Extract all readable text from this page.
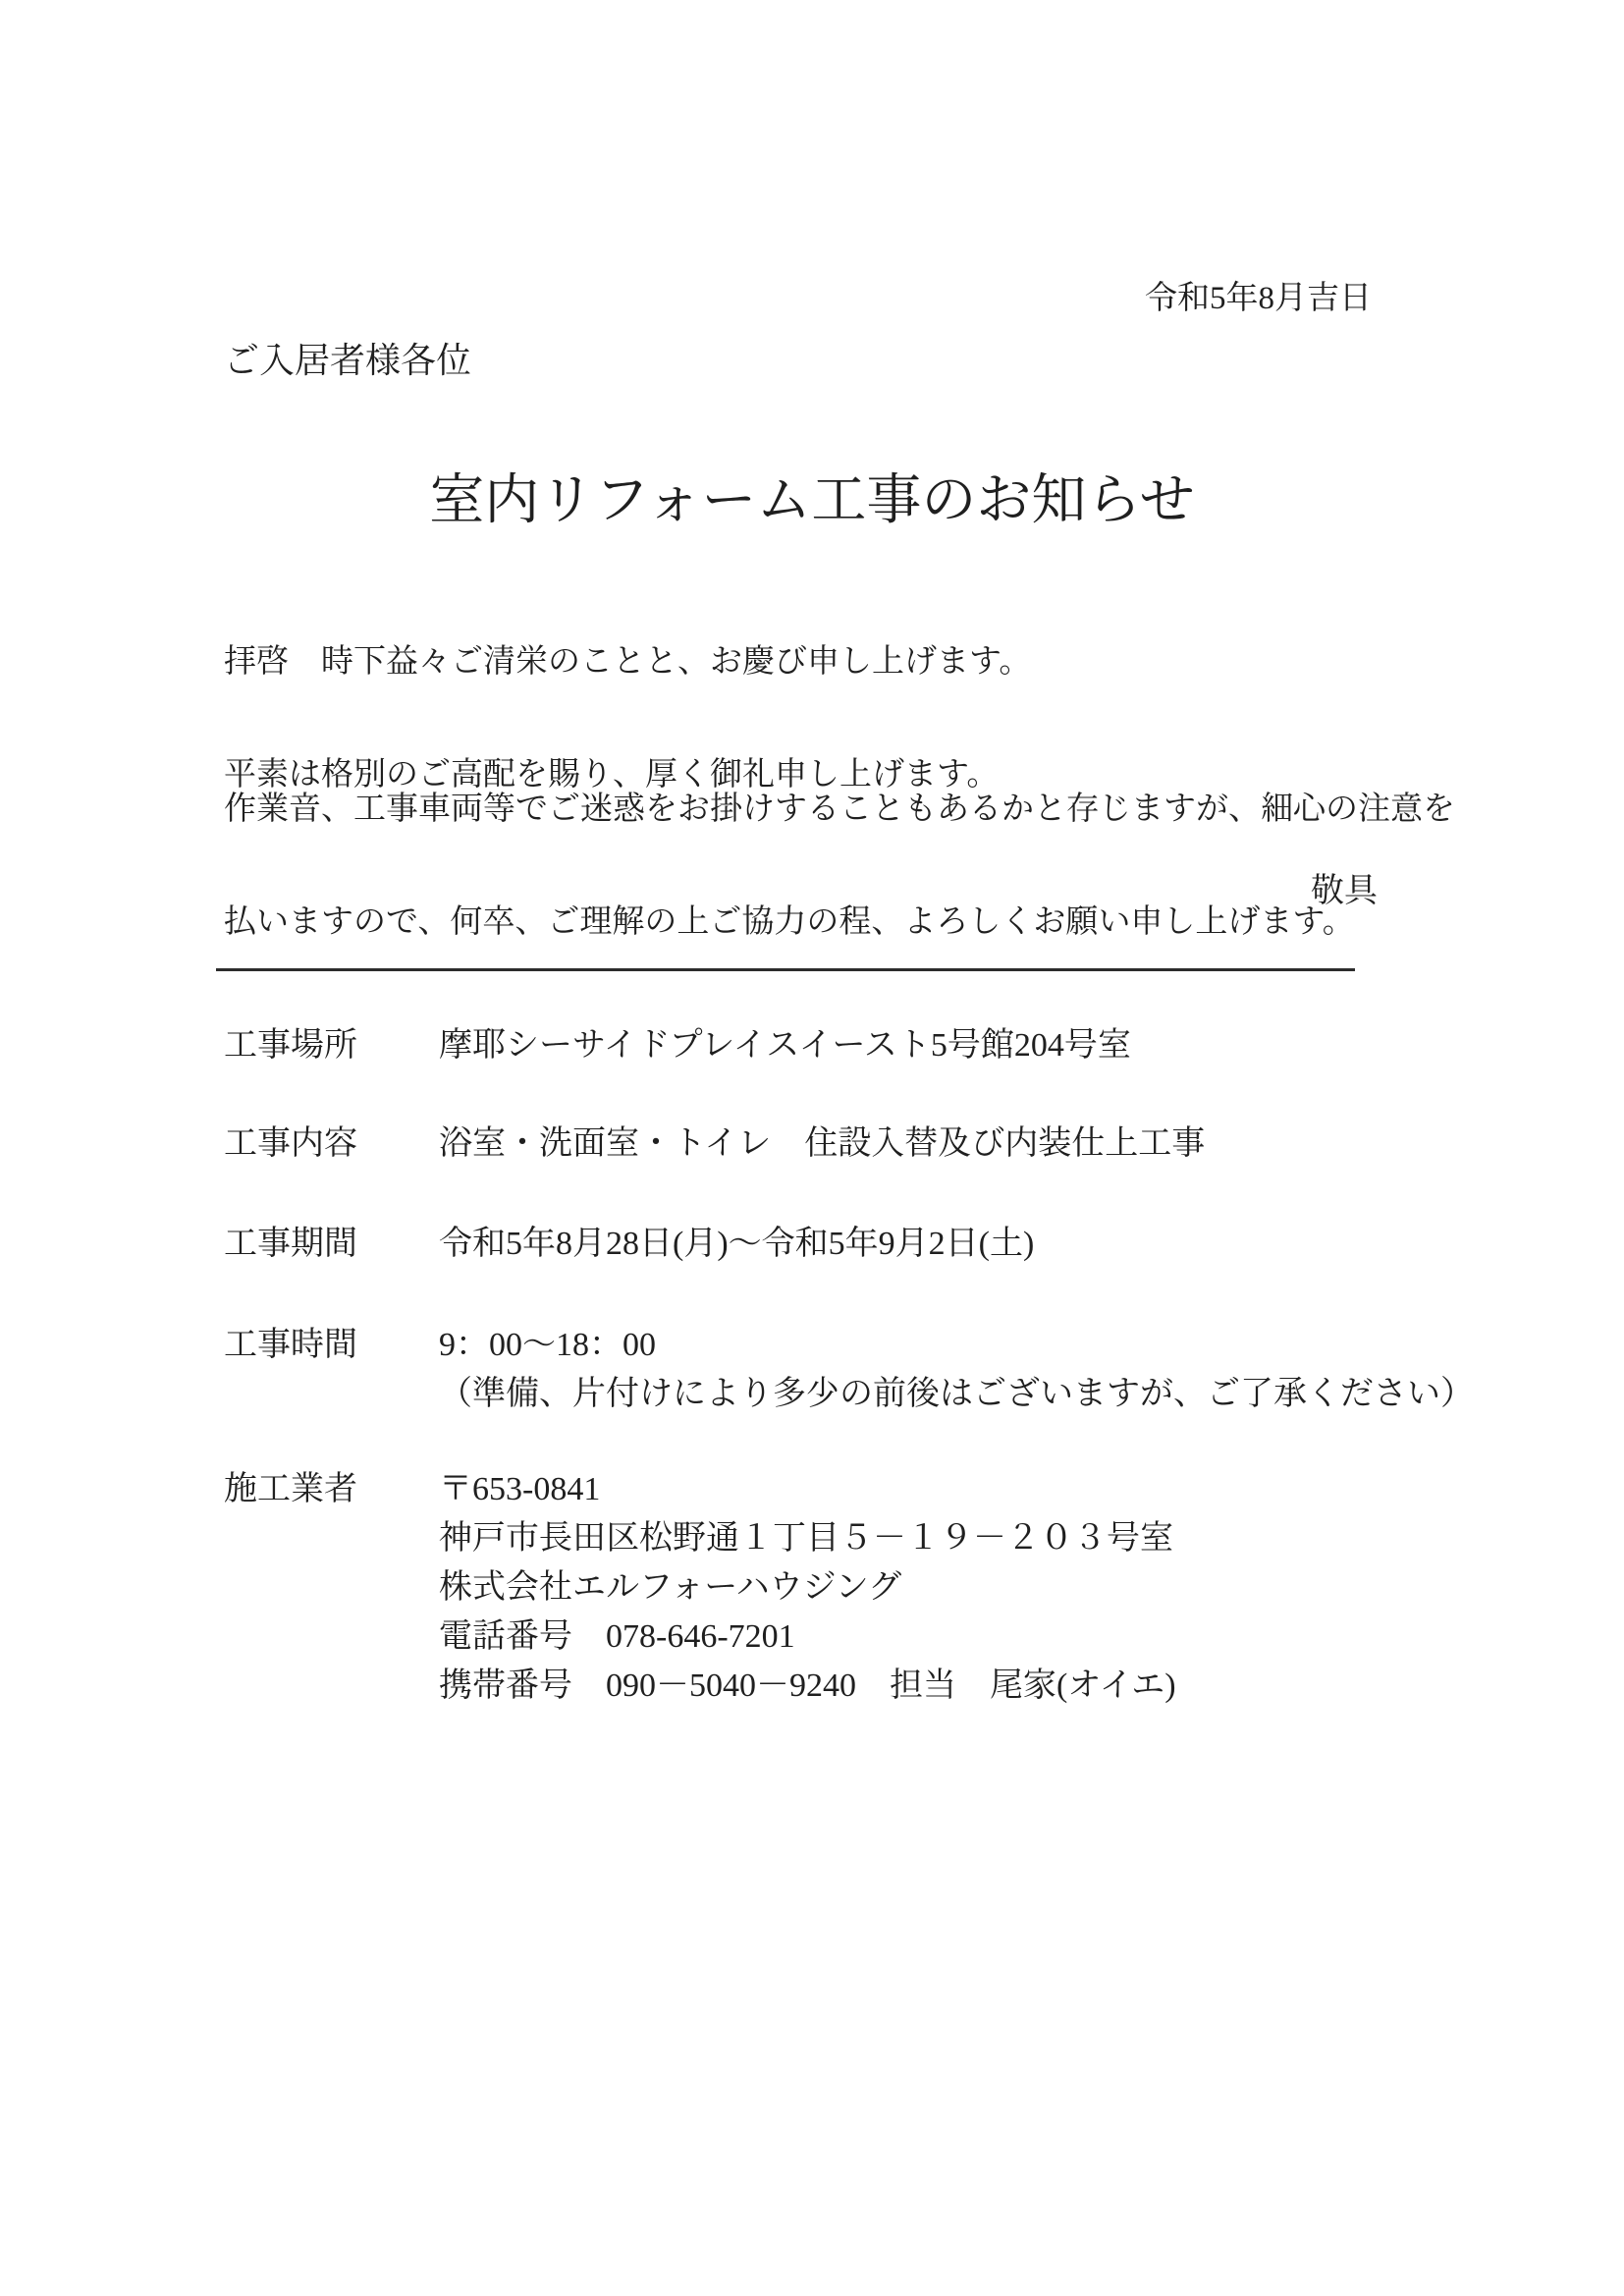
令和5年8月吉日
ご入居者様各位
室内リフォーム工事のお知らせ

拝啓　時下益々ご清栄のことと、お慶び申し上げます。

平素は格別のご高配を賜り、厚く御礼申し上げます。

作業音、工事車両等でご迷惑をお掛けすることもあるかと存じますが、細心の注意を

払いますので、何卒、ご理解の上ご協力の程、よろしくお願い申し上げます。

敬具
工事場所 摩耶シーサイドプレイスイースト5号館204号室
工事内容 浴室・洗面室・トイレ　住設入替及び内装仕上工事
工事期間 令和5年8月28日(月)～令和5年9月2日(土)
工事時間 9：00～18：00
（準備、片付けにより多少の前後はございますが、ご了承ください）
施工業者 〒653-0841
神戸市長田区松野通１丁目５－１９－２０３号室
株式会社エルフォーハウジング
電話番号　078-646-7201
携帯番号　090－5040－9240　担当　尾家(オイエ)
